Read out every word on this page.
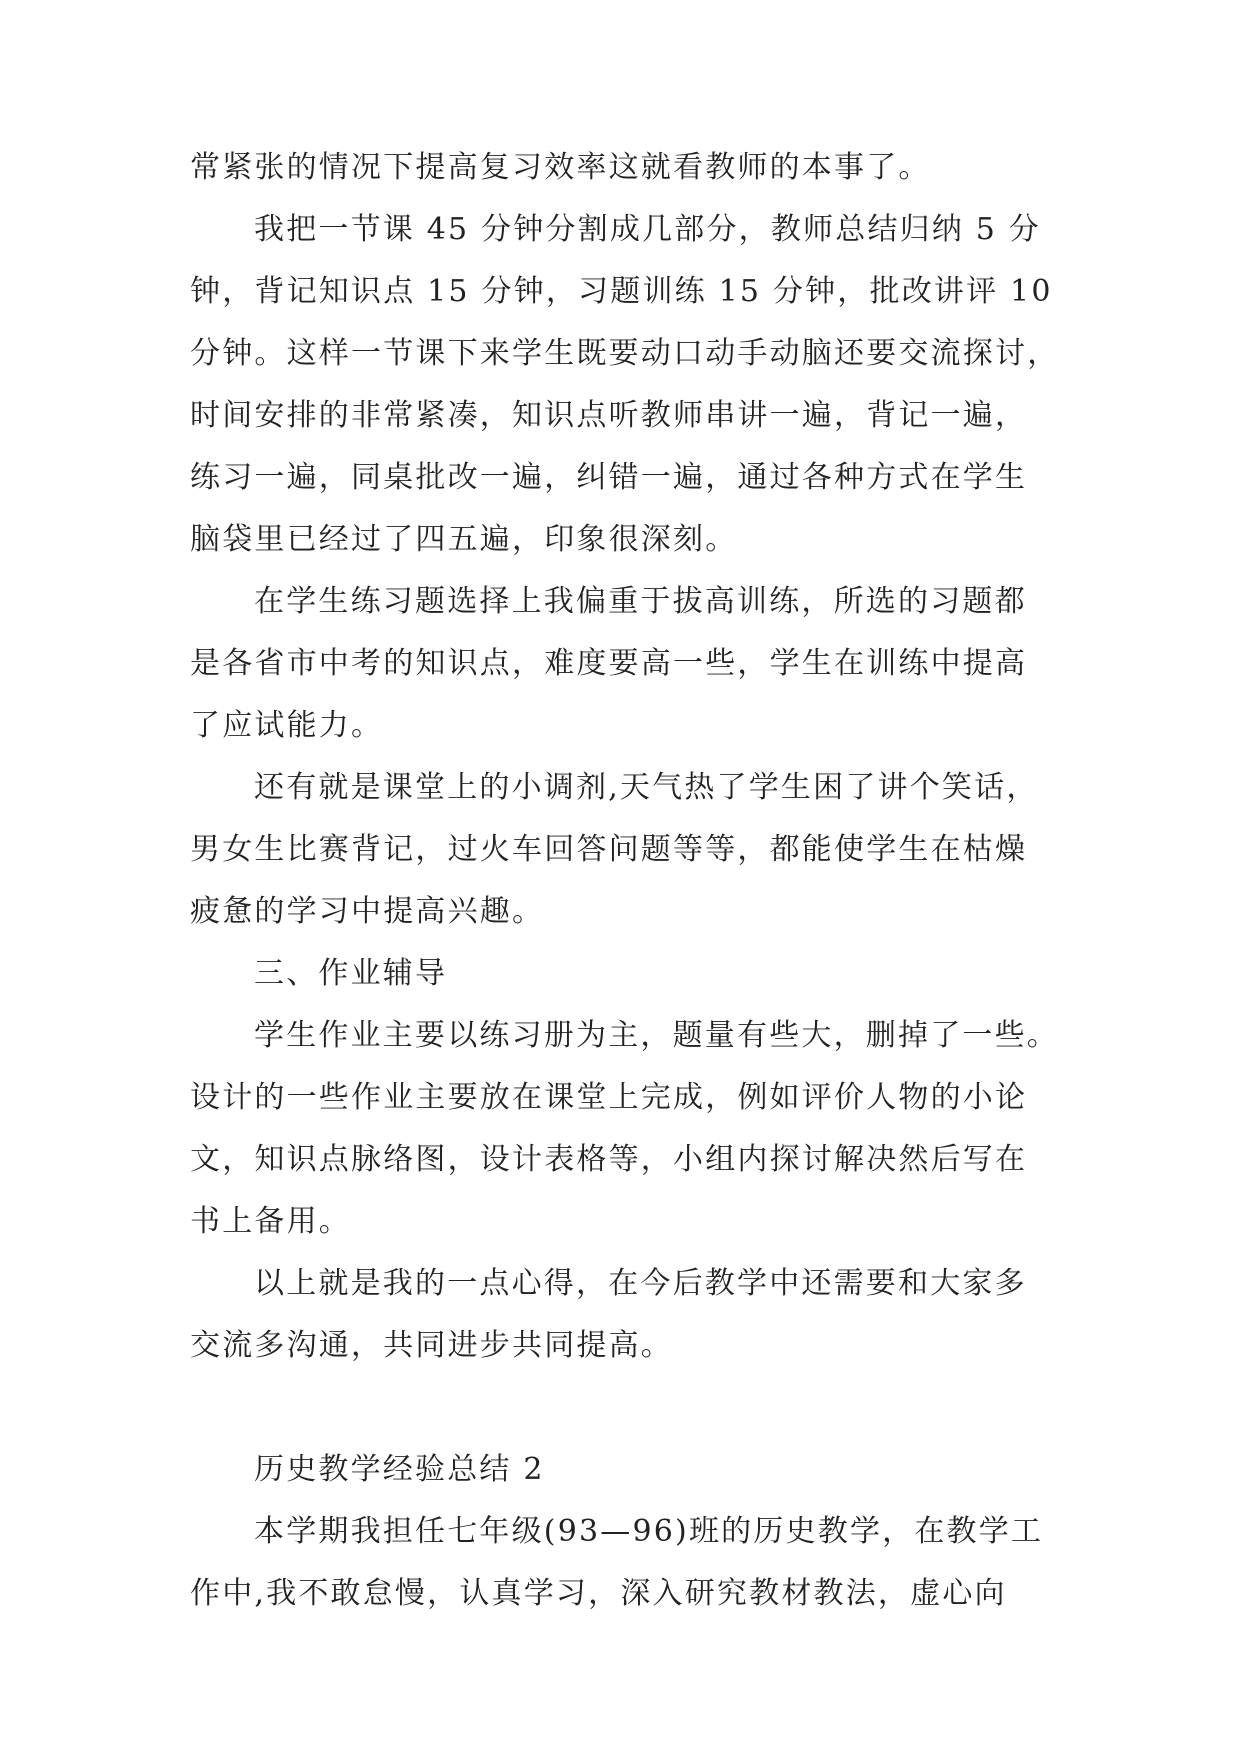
常紧张的情况下提高复习效率这就看教师的本事了。
我把一节课 45 分钟分割成几部分，教师总结归纳 5 分
钟，背记知识点 15 分钟，习题训练 15 分钟，批改讲评 10
分钟。这样一节课下来学生既要动口动手动脑还要交流探讨，
时间安排的非常紧凑，知识点听教师串讲一遍，背记一遍，
练习一遍，同桌批改一遍，纠错一遍，通过各种方式在学生
脑袋里已经过了四五遍，印象很深刻。
在学生练习题选择上我偏重于拔高训练，所选的习题都
是各省市中考的知识点，难度要高一些，学生在训练中提高
了应试能力。
还有就是课堂上的小调剂,天气热了学生困了讲个笑话，
男女生比赛背记，过火车回答问题等等，都能使学生在枯燥
疲惫的学习中提高兴趣。
三、作业辅导
学生作业主要以练习册为主，题量有些大，删掉了一些。
设计的一些作业主要放在课堂上完成，例如评价人物的小论
文，知识点脉络图，设计表格等，小组内探讨解决然后写在
书上备用。
以上就是我的一点心得，在今后教学中还需要和大家多
交流多沟通，共同进步共同提高。
历史教学经验总结 2
本学期我担任七年级(93—96)班的历史教学，在教学工
作中,我不敢怠慢，认真学习，深入研究教材教法，虚心向
